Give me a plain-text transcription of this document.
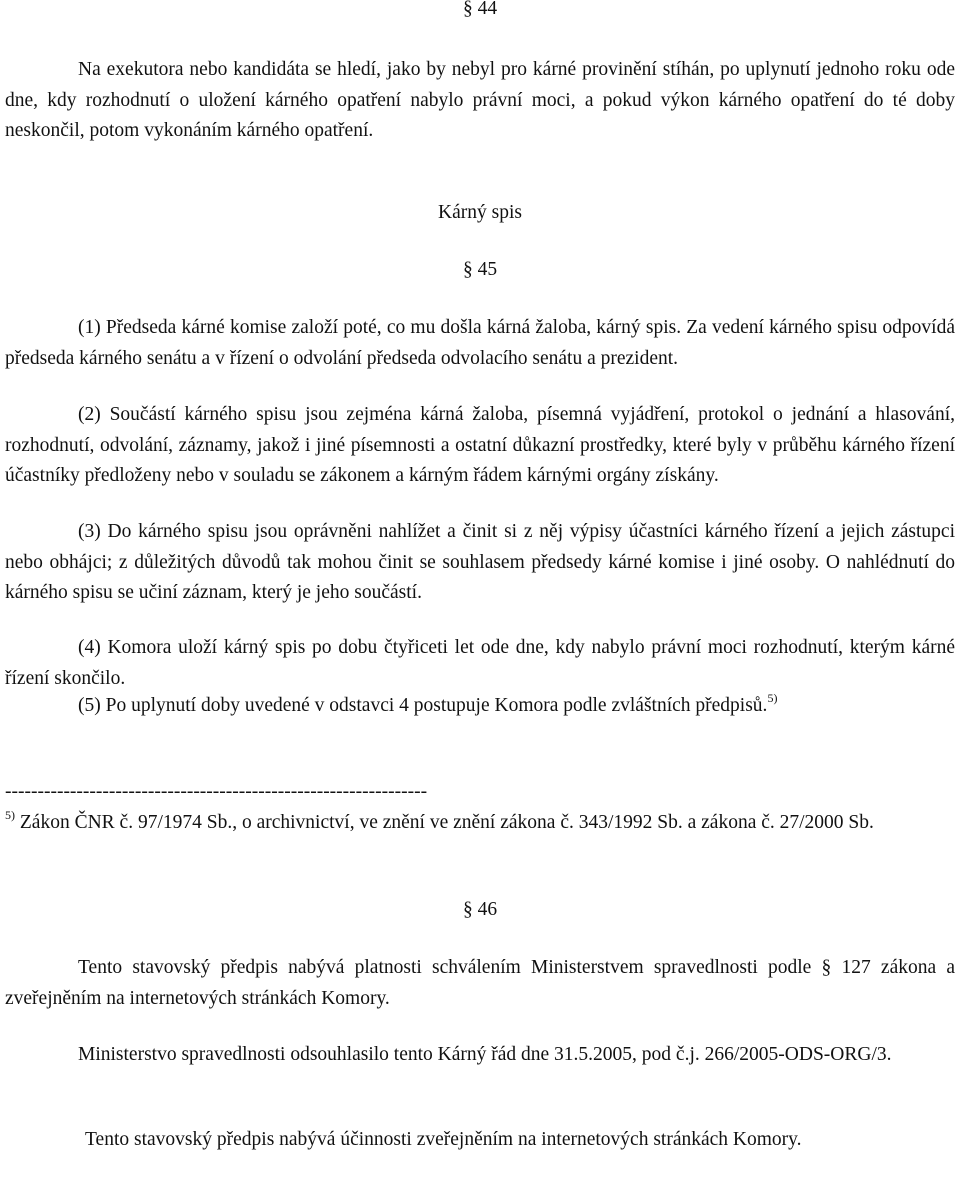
§ 44
Na exekutora nebo kandidáta se hledí, jako by nebyl pro kárné provinění stíhán, po uplynutí jednoho roku ode dne, kdy rozhodnutí o uložení kárného opatření nabylo právní moci, a pokud výkon kárného opatření do té doby neskončil, potom vykonáním kárného opatření.
Kárný spis
§ 45
(1) Předseda kárné komise založí poté, co mu došla kárná žaloba, kárný spis. Za vedení kárného spisu odpovídá předseda kárného senátu a v řízení o odvolání předseda odvolacího senátu a prezident.
(2) Součástí kárného spisu jsou zejména kárná žaloba, písemná vyjádření, protokol o jednání a hlasování, rozhodnutí, odvolání, záznamy, jakož i jiné písemnosti a ostatní důkazní prostředky, které byly v průběhu kárného řízení účastníky předloženy nebo v souladu se zákonem a kárným řádem kárnými orgány získány.
(3) Do kárného spisu jsou oprávněni nahlížet a činit si z něj výpisy účastníci kárného řízení a jejich zástupci nebo obhájci; z důležitých důvodů tak mohou činit se souhlasem předsedy kárné komise i jiné osoby. O nahlédnutí do kárného spisu se učiní záznam, který je jeho součástí.
(4) Komora uloží kárný spis po dobu čtyřiceti let ode dne, kdy nabylo právní moci rozhodnutí, kterým kárné řízení skončilo.
(5) Po uplynutí doby uvedené v odstavci 4 postupuje Komora podle zvláštních předpisů.$^{5)}$
-----------------------------------------------------------------
$^{5)}$ Zákon ČNR č. 97/1974 Sb., o archivnictví, ve znění ve znění zákona č. 343/1992 Sb. a zákona č. 27/2000 Sb.
§ 46
Tento stavovský předpis nabývá platnosti schválením Ministerstvem spravedlnosti podle § 127 zákona a zveřejněním na internetových stránkách Komory.
Ministerstvo spravedlnosti odsouhlasilo tento Kárný řád dne 31.5.2005, pod č.j. 266/2005-ODS-ORG/3.
Tento stavovský předpis nabývá účinnosti zveřejněním na internetových stránkách Komory.
